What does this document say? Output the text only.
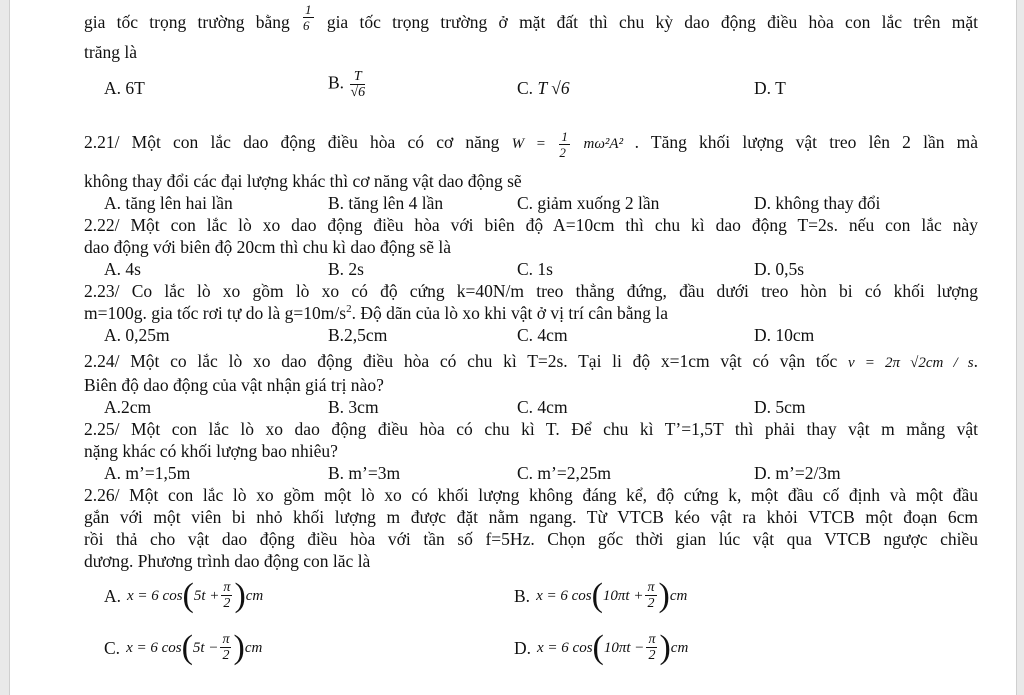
gia tốc trọng trường bằng $\frac{1}{6}$ gia tốc trọng trường ở mặt đất thì chu kỳ dao động điều hòa con lắc trên mặt
trăng là
A. 6T	B. $\frac{T}{√6}$	C. T √6	D. T
2.21/ Một con lắc dao động điều hòa có cơ năng $W = \frac{1}{2} m\omega^2A^2$ . Tăng khối lượng vật treo lên 2 lần mà
không thay đổi các đại lượng khác thì cơ năng vật dao động sẽ
A. tăng lên hai lần	B. tăng lên 4 lần	C. giảm xuống 2 lần	D. không thay đổi
2.22/ Một con lắc lò xo dao động điều hòa với biên độ A=10cm thì chu kì dao động T=2s. nếu con lắc này
dao động với biên độ 20cm thì chu kì dao động sẽ là
A. 4s	B. 2s	C. 1s	D. 0,5s
2.23/ Co lắc lò xo gồm lò xo có độ cứng k=40N/m treo thẳng đứng, đầu dưới treo hòn bi có khối lượng
m=100g. gia tốc rơi tự do là $g=10m/s^2$. Độ dãn của lò xo khi vật ở vị trí cân bằng la
A. 0,25m	B.2,5cm	C. 4cm	D. 10cm
2.24/ Một co lắc lò xo dao động điều hòa có chu kì T=2s. Tại li độ x=1cm vật có vận tốc v = 2π √2cm / s.
Biên độ dao động của vật nhận giá trị nào?
A.2cm	B. 3cm	C. 4cm	D. 5cm
2.25/ Một con lắc lò xo dao động điều hòa có chu kì T. Để chu kì T’=1,5T thì phải thay vật m mằng vật
nặng khác có khối lượng bao nhiêu?
A. m’=1,5m	B. m’=3m	C. m’=2,25m	D. m’=2/3m
2.26/ Một con lắc lò xo gồm một lò xo có khối lượng không đáng kể, độ cứng k, một đầu cố định và một đầu
gắn với một viên bi nhỏ khối lượng m được đặt nằm ngang. Từ VTCB kéo vật ra khỏi VTCB một đoạn 6cm
rồi thả cho vật dao động điều hòa với tần số f=5Hz. Chọn gốc thời gian lúc vật qua VTCB ngược chiều
dương. Phương trình dao động con lăc là
A. x = 6 cos ( $5t + \frac{\pi}{2}$ ) cm	B. x = 6 cos ( $10\pi t + \frac{\pi}{2}$ ) cm
C. x = 6 cos ( $5t - \frac{\pi}{2}$ ) cm	D. x = 6 cos ( $10\pi t - \frac{\pi}{2}$ ) cm
